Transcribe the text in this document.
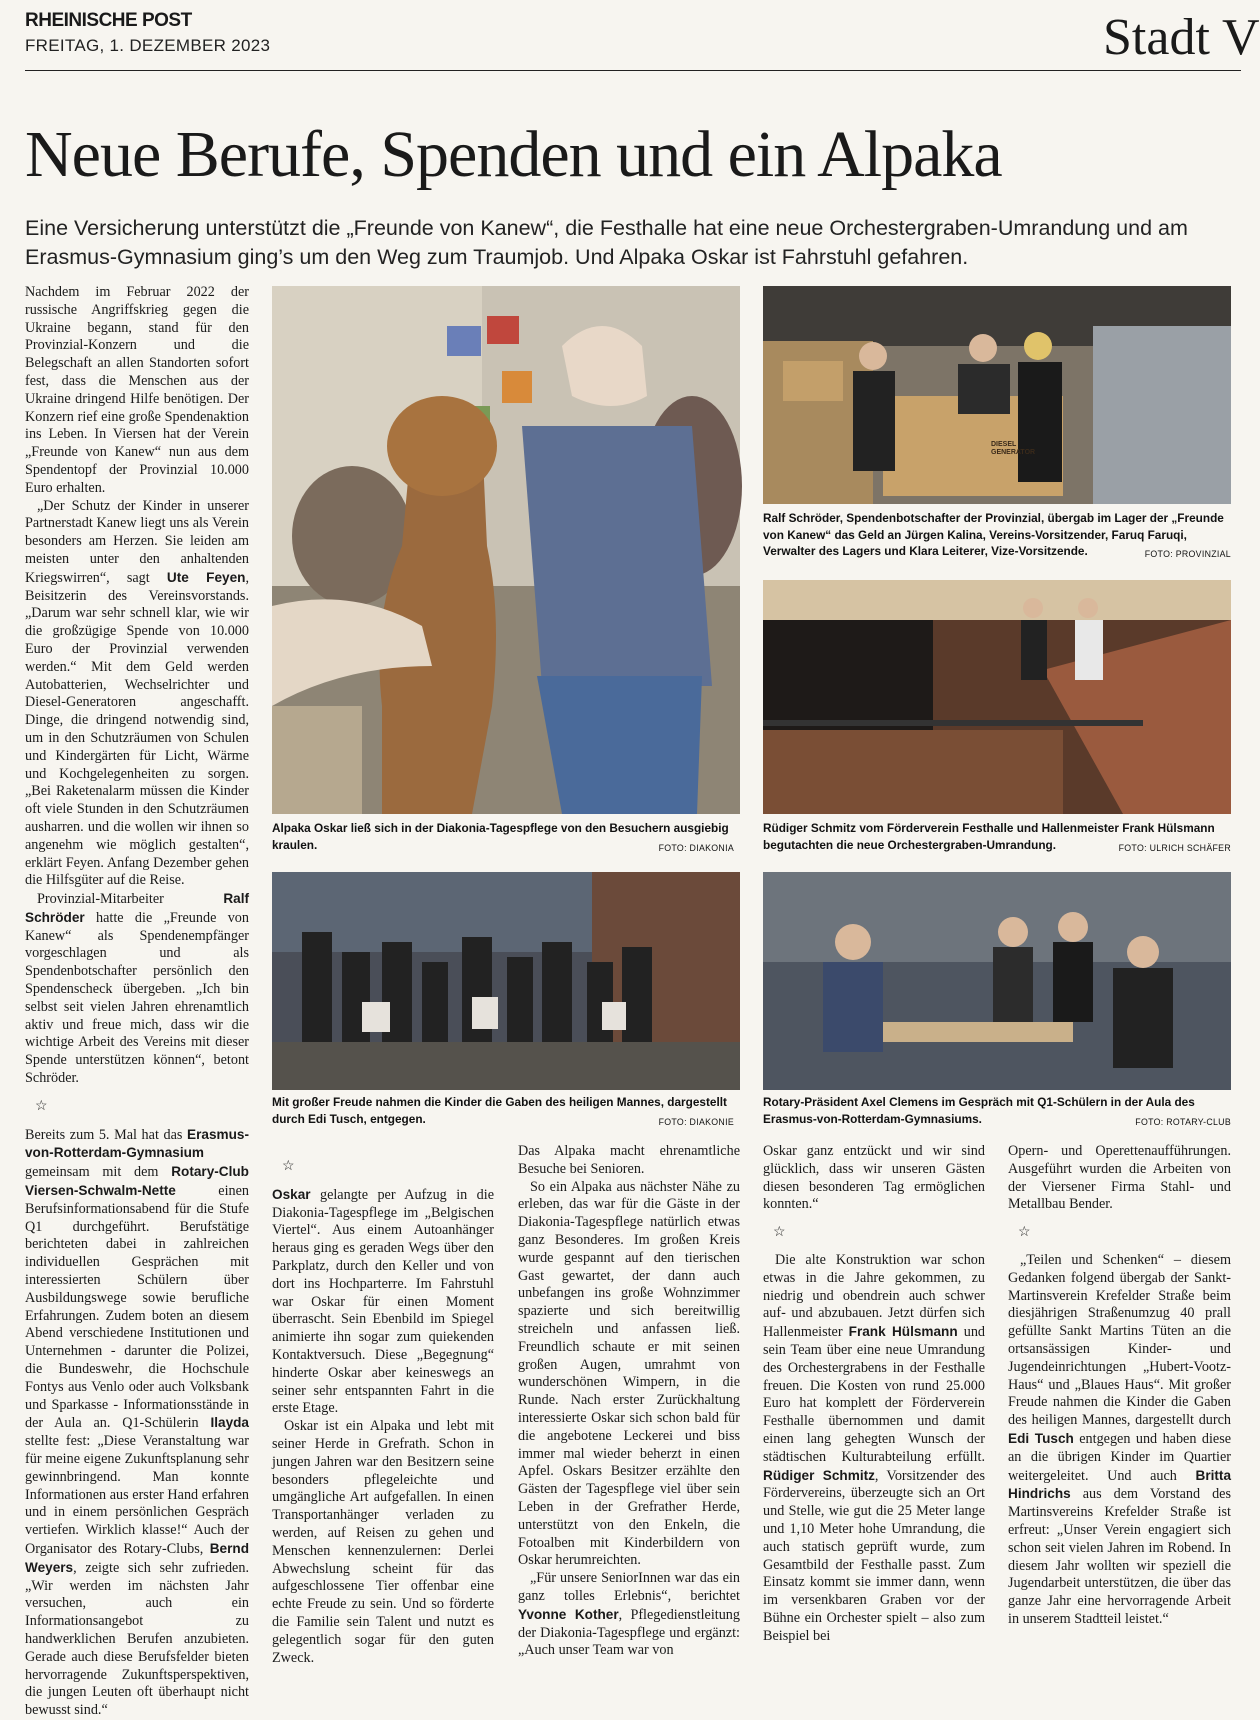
RHEINISCHE POST
FREITAG, 1. DEZEMBER 2023	Stadt V
Neue Berufe, Spenden und ein Alpaka

Eine Versicherung unterstützt die „Freunde von Kanew“, die Festhalle hat eine neue Orchestergraben-Umrandung und am Erasmus-Gymnasium ging’s um den Weg zum Traumjob. Und Alpaka Oskar ist Fahrstuhl gefahren.

Nachdem im Februar 2022 der russische Angriffskrieg gegen die Ukraine begann, stand für den Provinzial-Konzern und die Belegschaft an allen Standorten sofort fest, dass die Menschen aus der Ukraine dringend Hilfe benötigen. Der Konzern rief eine große Spendenaktion ins Leben. In Viersen hat der Verein „Freunde von Kanew“ nun aus dem Spendentopf der Provinzial 10.000 Euro erhalten.

„Der Schutz der Kinder in unserer Partnerstadt Kanew liegt uns als Verein besonders am Herzen. Sie leiden am meisten unter den anhaltenden Kriegswirren“, sagt Ute Feyen, Beisitzerin des Vereinsvorstands. „Darum war sehr schnell klar, wie wir die großzügige Spende von 10.000 Euro der Provinzial verwenden werden.“ Mit dem Geld werden Autobatterien, Wechselrichter und Diesel-Generatoren angeschafft. Dinge, die dringend notwendig sind, um in den Schutzräumen von Schulen und Kindergärten für Licht, Wärme und Kochgelegenheiten zu sorgen. „Bei Raketenalarm müssen die Kinder oft viele Stunden in den Schutzräumen ausharren. und die wollen wir ihnen so angenehm wie möglich gestalten“, erklärt Feyen. Anfang Dezember gehen die Hilfsgüter auf die Reise.

Provinzial-Mitarbeiter Ralf Schröder hatte die „Freunde von Kanew“ als Spendenempfänger vorgeschlagen und als Spendenbotschafter persönlich den Spendenscheck übergeben. „Ich bin selbst seit vielen Jahren ehrenamtlich aktiv und freue mich, dass wir die wichtige Arbeit des Vereins mit dieser Spende unterstützen können“, betont Schröder.

☆

Bereits zum 5. Mal hat das Erasmus-von-Rotterdam-Gymnasium gemeinsam mit dem Rotary-Club Viersen-Schwalm-Nette einen Berufsinformationsabend für die Stufe Q1 durchgeführt. Berufstätige berichteten dabei in zahlreichen individuellen Gesprächen mit interessierten Schülern über Ausbildungswege sowie berufliche Erfahrungen. Zudem boten an diesem Abend verschiedene Institutionen und Unternehmen - darunter die Polizei, die Bundeswehr, die Hochschule Fontys aus Venlo oder auch Volksbank und Sparkasse - Informationsstände in der Aula an. Q1-Schülerin Ilayda stellte fest: „Diese Veranstaltung war für meine eigene Zukunftsplanung sehr gewinnbringend. Man konnte Informationen aus erster Hand erfahren und in einem persönlichen Gespräch vertiefen. Wirklich klasse!“ Auch der Organisator des Rotary-Clubs, Bernd Weyers, zeigte sich sehr zufrieden. „Wir werden im nächsten Jahr versuchen, auch ein Informationsangebot zu handwerklichen Berufen anzubieten. Gerade auch diese Berufsfelder bieten hervorragende Zukunftsperspektiven, die jungen Leuten oft überhaupt nicht bewusst sind.“

Alpaka Oskar ließ sich in der Diakonia-Tagespflege von den Besuchern ausgiebig kraulen.	FOTO: DIAKONIA
DIESEL
GENERATOR
Ralf Schröder, Spendenbotschafter der Provinzial, übergab im Lager der „Freunde von Kanew“ das Geld an Jürgen Kalina, Vereins-Vorsitzender, Faruq Faruqi, Verwalter des Lagers und Klara Leiterer, Vize-Vorsitzende.	FOTO: PROVINZIAL
Rüdiger Schmitz vom Förderverein Festhalle und Hallenmeister Frank Hülsmann begutachten die neue Orchestergraben-Umrandung.	FOTO: ULRICH SCHÄFER
Mit großer Freude nahmen die Kinder die Gaben des heiligen Mannes, dargestellt durch Edi Tusch, entgegen.	FOTO: DIAKONIE
Rotary-Präsident Axel Clemens im Gespräch mit Q1-Schülern in der Aula des Erasmus-von-Rotterdam-Gymnasiums.	FOTO: ROTARY-CLUB

☆

Oskar gelangte per Aufzug in die Diakonia-Tagespflege im „Belgischen Viertel“. Aus einem Autoanhänger heraus ging es geraden Wegs über den Parkplatz, durch den Keller und von dort ins Hochparterre. Im Fahrstuhl war Oskar für einen Moment überrascht. Sein Ebenbild im Spiegel animierte ihn sogar zum quiekenden Kontaktversuch. Diese „Begegnung“ hinderte Oskar aber keineswegs an seiner sehr entspannten Fahrt in die erste Etage.

Oskar ist ein Alpaka und lebt mit seiner Herde in Grefrath. Schon in jungen Jahren war den Besitzern seine besonders pflegeleichte und umgängliche Art aufgefallen. In einen Transportanhänger verladen zu werden, auf Reisen zu gehen und Menschen kennenzulernen: Derlei Abwechslung scheint für das aufgeschlossene Tier offenbar eine echte Freude zu sein. Und so förderte die Familie sein Talent und nutzt es gelegentlich sogar für den guten Zweck.

Das Alpaka macht ehrenamtliche Besuche bei Senioren.

So ein Alpaka aus nächster Nähe zu erleben, das war für die Gäste in der Diakonia-Tagespflege natürlich etwas ganz Besonderes. Im großen Kreis wurde gespannt auf den tierischen Gast gewartet, der dann auch unbefangen ins große Wohnzimmer spazierte und sich bereitwillig streicheln und anfassen ließ. Freundlich schaute er mit seinen großen Augen, umrahmt von wunderschönen Wimpern, in die Runde. Nach erster Zurückhaltung interessierte Oskar sich schon bald für die angebotene Leckerei und biss immer mal wieder beherzt in einen Apfel. Oskars Besitzer erzählte den Gästen der Tagespflege viel über sein Leben in der Grefrather Herde, unterstützt von den Enkeln, die Fotoalben mit Kinderbildern von Oskar herumreichten.

„Für unsere SeniorInnen war das ein ganz tolles Erlebnis“, berichtet Yvonne Kother, Pflegedienstleitung der Diakonia-Tagespflege und ergänzt: „Auch unser Team war von

Oskar ganz entzückt und wir sind glücklich, dass wir unseren Gästen diesen besonderen Tag ermöglichen konnten.“

☆

Die alte Konstruktion war schon etwas in die Jahre gekommen, zu niedrig und obendrein auch schwer auf- und abzubauen. Jetzt dürfen sich Hallenmeister Frank Hülsmann und sein Team über eine neue Umrandung des Orchestergrabens in der Festhalle freuen. Die Kosten von rund 25.000 Euro hat komplett der Förderverein Festhalle übernommen und damit einen lang gehegten Wunsch der städtischen Kulturabteilung erfüllt. Rüdiger Schmitz, Vorsitzender des Fördervereins, überzeugte sich an Ort und Stelle, wie gut die 25 Meter lange und 1,10 Meter hohe Umrandung, die auch statisch geprüft wurde, zum Gesamtbild der Festhalle passt. Zum Einsatz kommt sie immer dann, wenn im versenkbaren Graben vor der Bühne ein Orchester spielt – also zum Beispiel bei

Opern- und Operettenaufführungen. Ausgeführt wurden die Arbeiten von der Viersener Firma Stahl- und Metallbau Bender.

☆

„Teilen und Schenken“ – diesem Gedanken folgend übergab der Sankt-Martinsverein Krefelder Straße beim diesjährigen Straßenumzug 40 prall gefüllte Sankt Martins Tüten an die ortsansässigen Kinder- und Jugendeinrichtungen „Hubert-Vootz-Haus“ und „Blaues Haus“. Mit großer Freude nahmen die Kinder die Gaben des heiligen Mannes, dargestellt durch Edi Tusch entgegen und haben diese an die übrigen Kinder im Quartier weitergeleitet. Und auch Britta Hindrichs aus dem Vorstand des Martinsvereins Krefelder Straße ist erfreut: „Unser Verein engagiert sich schon seit vielen Jahren im Robend. In diesem Jahr wollten wir speziell die Jugendarbeit unterstützen, die über das ganze Jahr eine hervorragende Arbeit in unserem Stadtteil leistet.“
